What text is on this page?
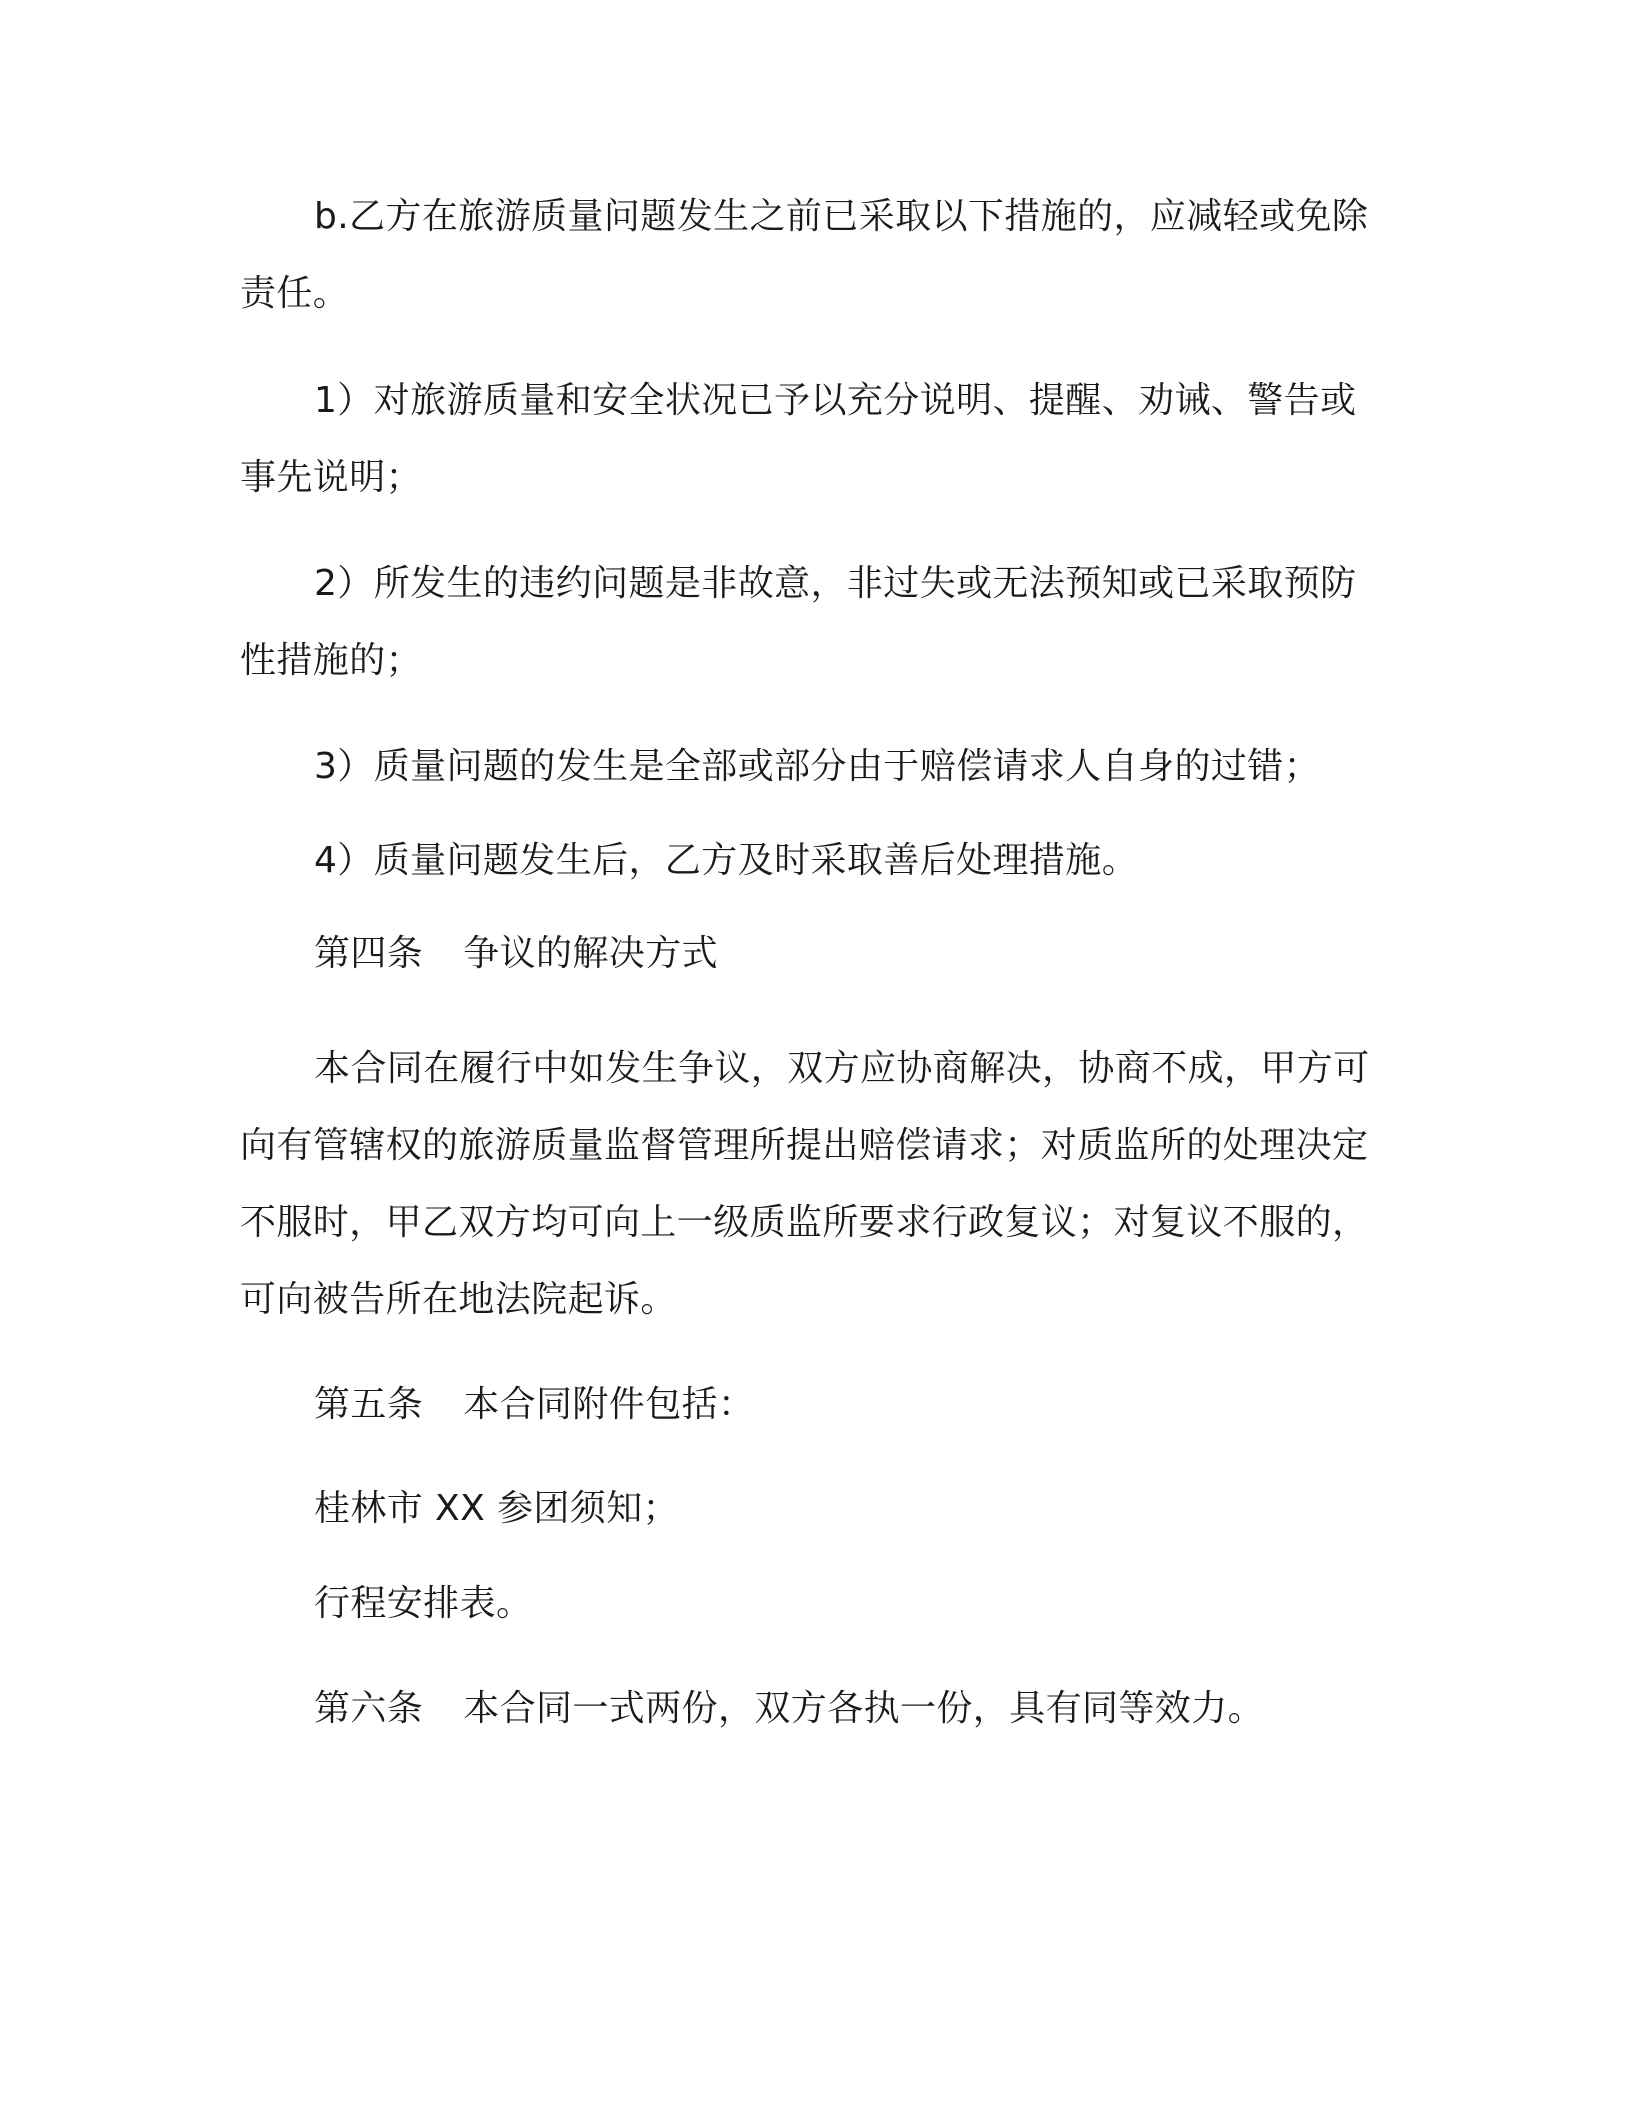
b.乙方在旅游质量问题发生之前已采取以下措施的，应减轻或免除责任。

1）对旅游质量和安全状况已予以充分说明、提醒、劝诫、警告或事先说明；

2）所发生的违约问题是非故意，非过失或无法预知或已采取预防性措施的；

3）质量问题的发生是全部或部分由于赔偿请求人自身的过错；

4）质量问题发生后，乙方及时采取善后处理措施。

第四条 争议的解决方式

本合同在履行中如发生争议，双方应协商解决，协商不成，甲方可向有管辖权的旅游质量监督管理所提出赔偿请求；对质监所的处理决定不服时，甲乙双方均可向上一级质监所要求行政复议；对复议不服的，可向被告所在地法院起诉。

第五条 本合同附件包括：

桂林市 XX 参团须知；

行程安排表。

第六条 本合同一式两份，双方各执一份，具有同等效力。
